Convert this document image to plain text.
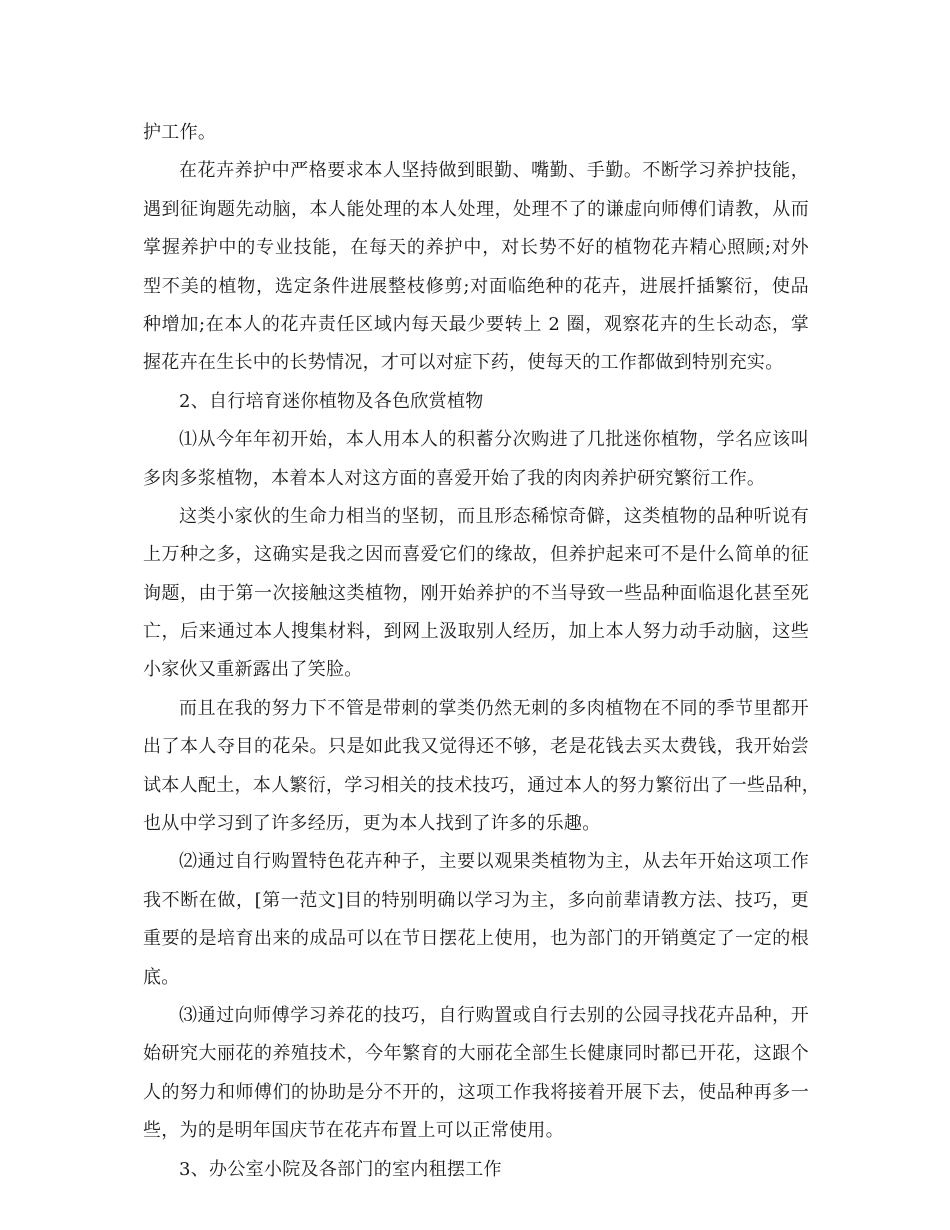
护工作。
在花卉养护中严格要求本人坚持做到眼勤、嘴勤、手勤。不断学习养护技能，
遇到征询题先动脑，本人能处理的本人处理，处理不了的谦虚向师傅们请教，从而
掌握养护中的专业技能，在每天的养护中，对长势不好的植物花卉精心照顾;对外
型不美的植物，选定条件进展整枝修剪;对面临绝种的花卉，进展扦插繁衍，使品
种增加;在本人的花卉责任区域内每天最少要转上 2 圈，观察花卉的生长动态，掌
握花卉在生长中的长势情况，才可以对症下药，使每天的工作都做到特别充实。
2、自行培育迷你植物及各色欣赏植物
⑴从今年年初开始，本人用本人的积蓄分次购进了几批迷你植物，学名应该叫
多肉多浆植物，本着本人对这方面的喜爱开始了我的肉肉养护研究繁衍工作。
这类小家伙的生命力相当的坚韧，而且形态稀惊奇僻，这类植物的品种听说有
上万种之多，这确实是我之因而喜爱它们的缘故，但养护起来可不是什么简单的征
询题，由于第一次接触这类植物，刚开始养护的不当导致一些品种面临退化甚至死
亡，后来通过本人搜集材料，到网上汲取别人经历，加上本人努力动手动脑，这些
小家伙又重新露出了笑脸。
而且在我的努力下不管是带刺的掌类仍然无刺的多肉植物在不同的季节里都开
出了本人夺目的花朵。只是如此我又觉得还不够，老是花钱去买太费钱，我开始尝
试本人配土，本人繁衍，学习相关的技术技巧，通过本人的努力繁衍出了一些品种，
也从中学习到了许多经历，更为本人找到了许多的乐趣。
⑵通过自行购置特色花卉种子，主要以观果类植物为主，从去年开始这项工作
我不断在做，[第一范文]目的特别明确以学习为主，多向前辈请教方法、技巧，更
重要的是培育出来的成品可以在节日摆花上使用，也为部门的开销奠定了一定的根
底。
⑶通过向师傅学习养花的技巧，自行购置或自行去别的公园寻找花卉品种，开
始研究大丽花的养殖技术，今年繁育的大丽花全部生长健康同时都已开花，这跟个
人的努力和师傅们的协助是分不开的，这项工作我将接着开展下去，使品种再多一
些，为的是明年国庆节在花卉布置上可以正常使用。
3、办公室小院及各部门的室内租摆工作
